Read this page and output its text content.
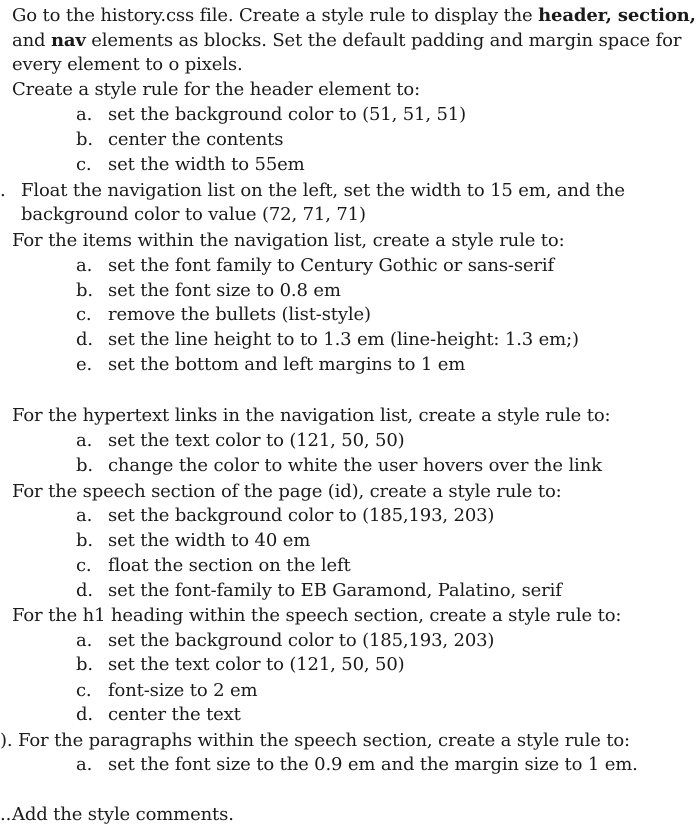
Go to the history.css file. Create a style rule to display the header, section,
and nav elements as blocks. Set the default padding and margin space for
every element to o pixels.
Create a style rule for the header element to:
a. set the background color to (51, 51, 51)
b. center the contents
c. set the width to 55em
. Float the navigation list on the left, set the width to 15 em, and the
background color to value (72, 71, 71)
For the items within the navigation list, create a style rule to:
a. set the font family to Century Gothic or sans-serif
b. set the font size to 0.8 em
c. remove the bullets (list-style)
d. set the line height to to 1.3 em (line-height: 1.3 em;)
e. set the bottom and left margins to 1 em
For the hypertext links in the navigation list, create a style rule to:
a. set the text color to (121, 50, 50)
b. change the color to white the user hovers over the link
For the speech section of the page (id), create a style rule to:
a. set the background color to (185,193, 203)
b. set the width to 40 em
c. float the section on the left
d. set the font-family to EB Garamond, Palatino, serif
For the h1 heading within the speech section, create a style rule to:
a. set the background color to (185,193, 203)
b. set the text color to (121, 50, 50)
c. font-size to 2 em
d. center the text
). For the paragraphs within the speech section, create a style rule to:
a. set the font size to the 0.9 em and the margin size to 1 em.
..Add the style comments.
